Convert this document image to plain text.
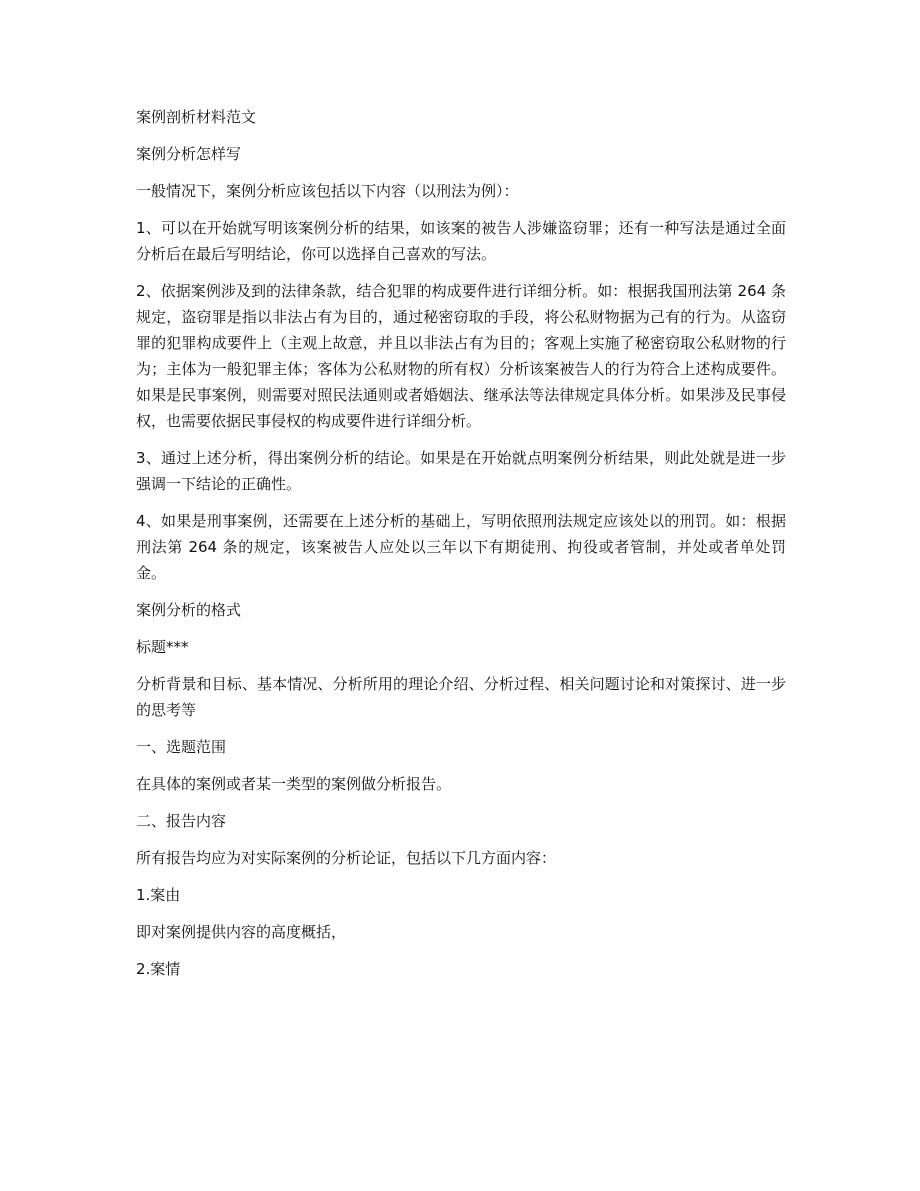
案例剖析材料范文

案例分析怎样写

一般情况下，案例分析应该包括以下内容（以刑法为例）：

1、可以在开始就写明该案例分析的结果，如该案的被告人涉嫌盗窃罪；还有一种写法是通过全面分析后在最后写明结论，你可以选择自己喜欢的写法。

2、依据案例涉及到的法律条款，结合犯罪的构成要件进行详细分析。如：根据我国刑法第 264 条规定，盗窃罪是指以非法占有为目的，通过秘密窃取的手段，将公私财物据为己有的行为。从盗窃罪的犯罪构成要件上（主观上故意，并且以非法占有为目的；客观上实施了秘密窃取公私财物的行为；主体为一般犯罪主体；客体为公私财物的所有权）分析该案被告人的行为符合上述构成要件。如果是民事案例，则需要对照民法通则或者婚姻法、继承法等法律规定具体分析。如果涉及民事侵权，也需要依据民事侵权的构成要件进行详细分析。

3、通过上述分析，得出案例分析的结论。如果是在开始就点明案例分析结果，则此处就是进一步强调一下结论的正确性。

4、如果是刑事案例，还需要在上述分析的基础上，写明依照刑法规定应该处以的刑罚。如：根据刑法第 264 条的规定，该案被告人应处以三年以下有期徒刑、拘役或者管制，并处或者单处罚金。

案例分析的格式

标题***

分析背景和目标、基本情况、分析所用的理论介绍、分析过程、相关问题讨论和对策探讨、进一步的思考等

一、选题范围

在具体的案例或者某一类型的案例做分析报告。

二、报告内容

所有报告均应为对实际案例的分析论证，包括以下几方面内容：

1.案由

即对案例提供内容的高度概括，

2.案情
